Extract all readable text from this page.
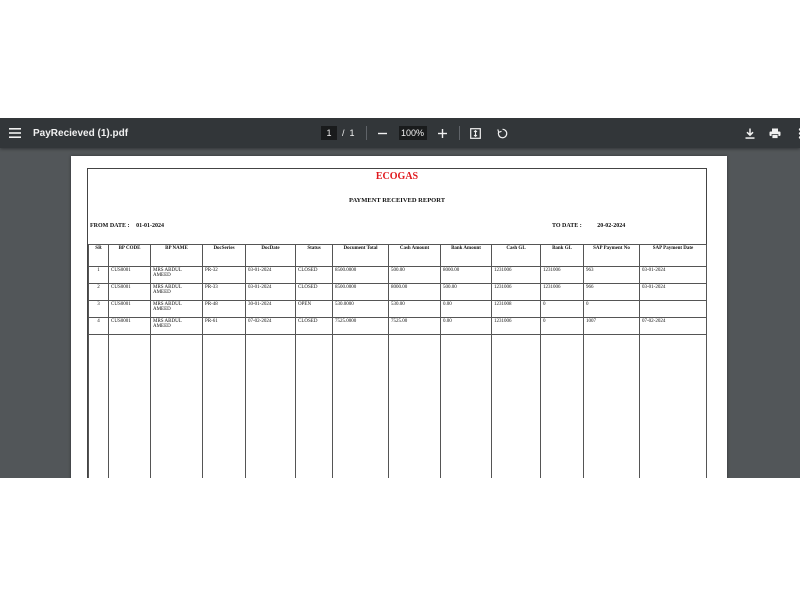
PayRecieved (1).pdf	1	/ 1	100%
ECOGAS
PAYMENT RECEIVED REPORT
FROM DATE : 01-01-2024	TO DATE :	20-02-2024
SR	BP CODE	BP NAME	DocSeries	DocDate	Status	Document Total	Cash Amount	Bank Amount	Cash GL	Bank GL	SAP Payment No	SAP Payment Date
1	CUS0001	MRS ABDUL AMEED	PR-32	03-01-2024	CLOSED	8500.0000	500.00	8000.00	1231006	1231006	963	03-01-2024
2	CUS0001	MRS ABDUL AMEED	PR-33	03-01-2024	CLOSED	8500.0000	8000.00	500.00	1231006	1231006	966	03-01-2024
3	CUS0001	MRS ABDUL AMEED	PR-48	30-01-2024	OPEN	530.0000	530.00	0.00	1231008	0	0	
4	CUS0001	MRS ABDUL AMEED	PR-61	07-02-2024	CLOSED	7525.0000	7525.00	0.00	1231006	0	1007	07-02-2024
